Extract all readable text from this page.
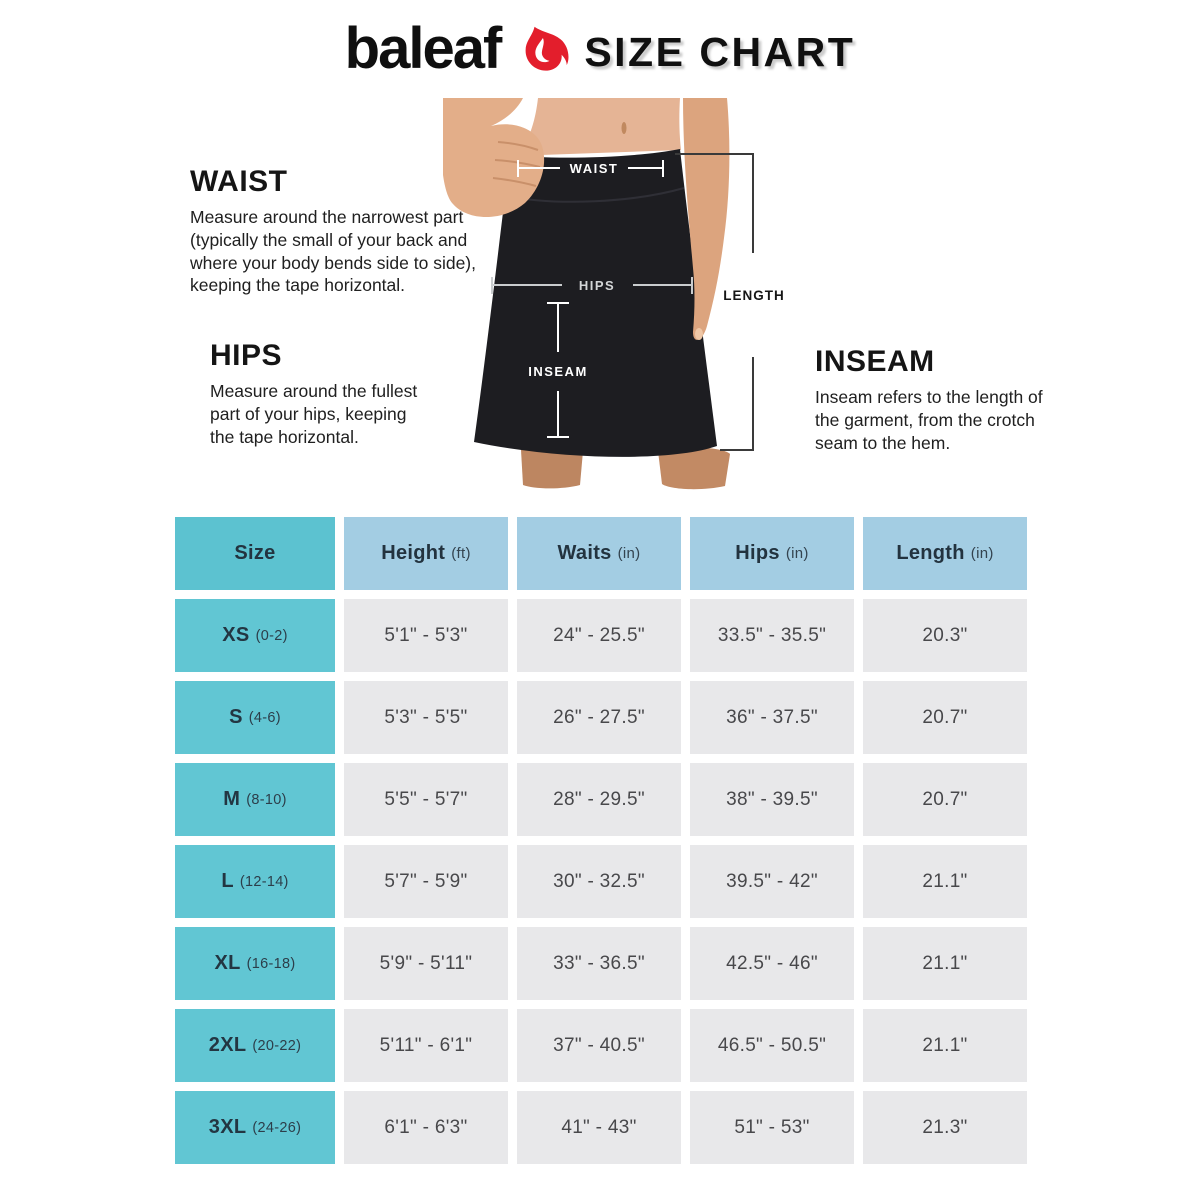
baleaf SIZE CHART
WAIST

Measure around the narrowest part (typically the small of your back and where your body bends side to side), keeping the tape horizontal.

HIPS

Measure around the fullest part of your hips, keeping the tape horizontal.

INSEAM

Inseam refers to the length of the garment, from the crotch seam to the hem.

WAIST
HIPS
INSEAM
LENGTH
Size	Height (ft)	Waits (in)	Hips (in)	Length (in)
XS (0-2)	5'1" - 5'3"	24" - 25.5"	33.5" - 35.5"	20.3"
S (4-6)	5'3" - 5'5"	26" - 27.5"	36" - 37.5"	20.7"
M (8-10)	5'5" - 5'7"	28" - 29.5"	38" - 39.5"	20.7"
L (12-14)	5'7" - 5'9"	30" - 32.5"	39.5" - 42"	21.1"
XL (16-18)	5'9" - 5'11"	33" - 36.5"	42.5" - 46"	21.1"
2XL (20-22)	5'11" - 6'1"	37" - 40.5"	46.5" - 50.5"	21.1"
3XL (24-26)	6'1" - 6'3"	41" - 43"	51" - 53"	21.3"
